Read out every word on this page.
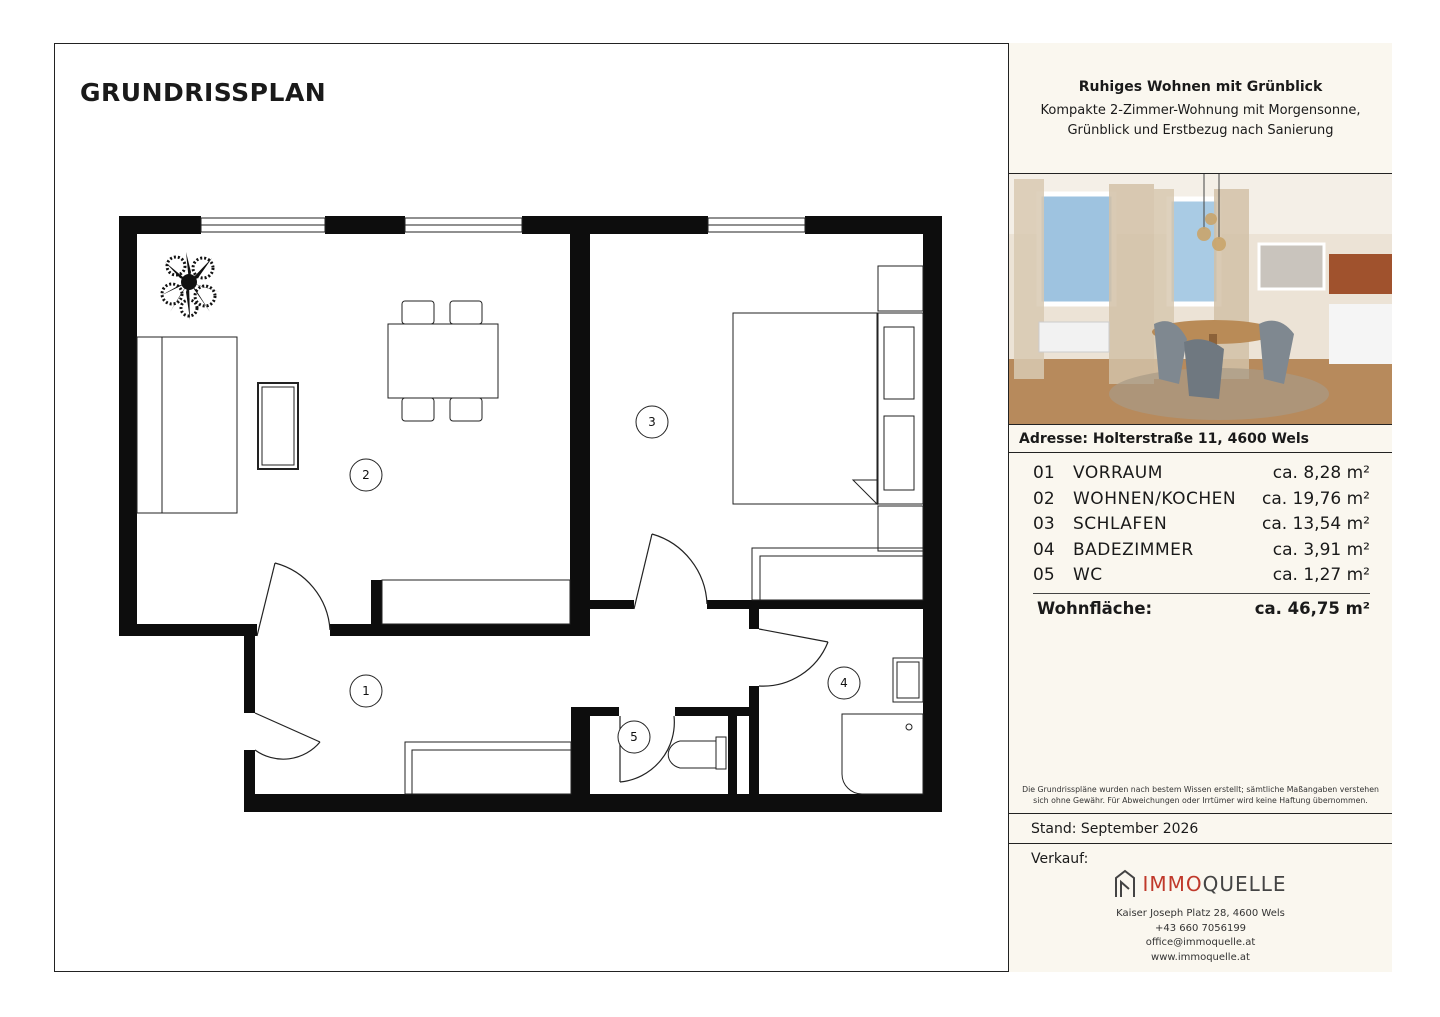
GRUNDRISSPLAN
1
2
3
4
5
Ruhiges Wohnen mit Grünblick
Kompakte 2-Zimmer-Wohnung mit Morgensonne,
Grünblick und Erstbezug nach Sanierung
Adresse: Holterstraße 11, 4600 Wels
01	VORRAUM	ca. 8,28 m²
02	WOHNEN/KOCHEN	ca. 19,76 m²
03	SCHLAFEN	ca. 13,54 m²
04	BADEZIMMER	ca. 3,91 m²
05	WC	ca. 1,27 m²
Wohnfläche:	ca. 46,75 m²
Die Grundrisspläne wurden nach bestem Wissen erstellt; sämtliche Maßangaben verstehen sich ohne Gewähr. Für Abweichungen oder Irrtümer wird keine Haftung übernommen.
Stand: September 2026
Verkauf:
IMMOQUELLE
Kaiser Joseph Platz 28, 4600 Wels
+43 660 7056199
office@immoquelle.at
www.immoquelle.at
